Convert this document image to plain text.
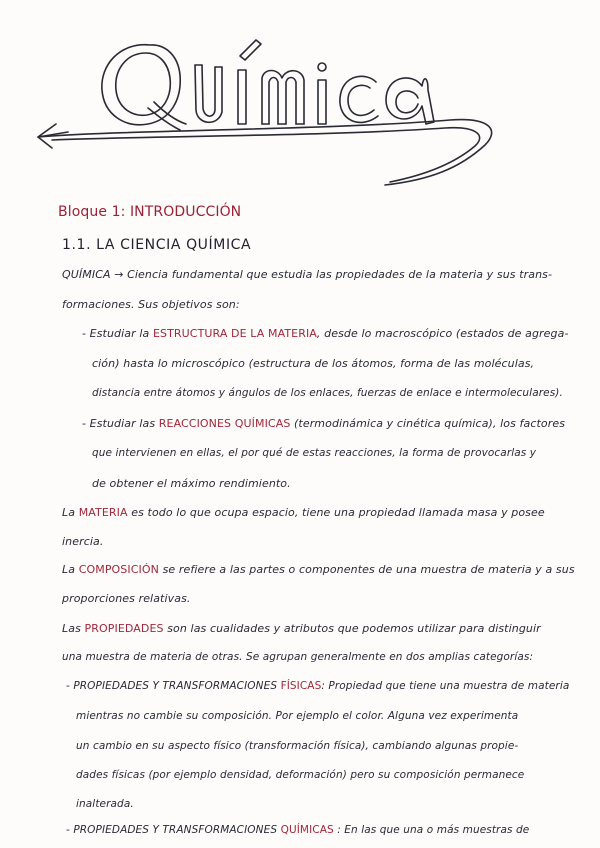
Bloque 1: INTRODUCCIÓN
1.1. LA CIENCIA QUÍMICA
QUÍMICA → Ciencia fundamental que estudia las propiedades de la materia y sus trans-
formaciones. Sus objetivos son:
- Estudiar la ESTRUCTURA DE LA MATERIA, desde lo macroscópico (estados de agrega-
ción) hasta lo microscópico (estructura de los átomos, forma de las moléculas,
distancia entre átomos y ángulos de los enlaces, fuerzas de enlace e intermoleculares).
- Estudiar las REACCIONES QUÍMICAS (termodinámica y cinética química), los factores
que intervienen en ellas, el por qué de estas reacciones, la forma de provocarlas y
de obtener el máximo rendimiento.
La MATERIA es todo lo que ocupa espacio, tiene una propiedad llamada masa y posee
inercia.
La COMPOSICIÓN se refiere a las partes o componentes de una muestra de materia y a sus
proporciones relativas.
Las PROPIEDADES son las cualidades y atributos que podemos utilizar para distinguir
una muestra de materia de otras. Se agrupan generalmente en dos amplias categorías:
- PROPIEDADES Y TRANSFORMACIONES FÍSICAS: Propiedad que tiene una muestra de materia
mientras no cambie su composición. Por ejemplo el color. Alguna vez experimenta
un cambio en su aspecto físico (transformación física), cambiando algunas propie-
dades físicas (por ejemplo densidad, deformación) pero su composición permanece
inalterada.
- PROPIEDADES Y TRANSFORMACIONES QUÍMICAS : En las que una o más muestras de
